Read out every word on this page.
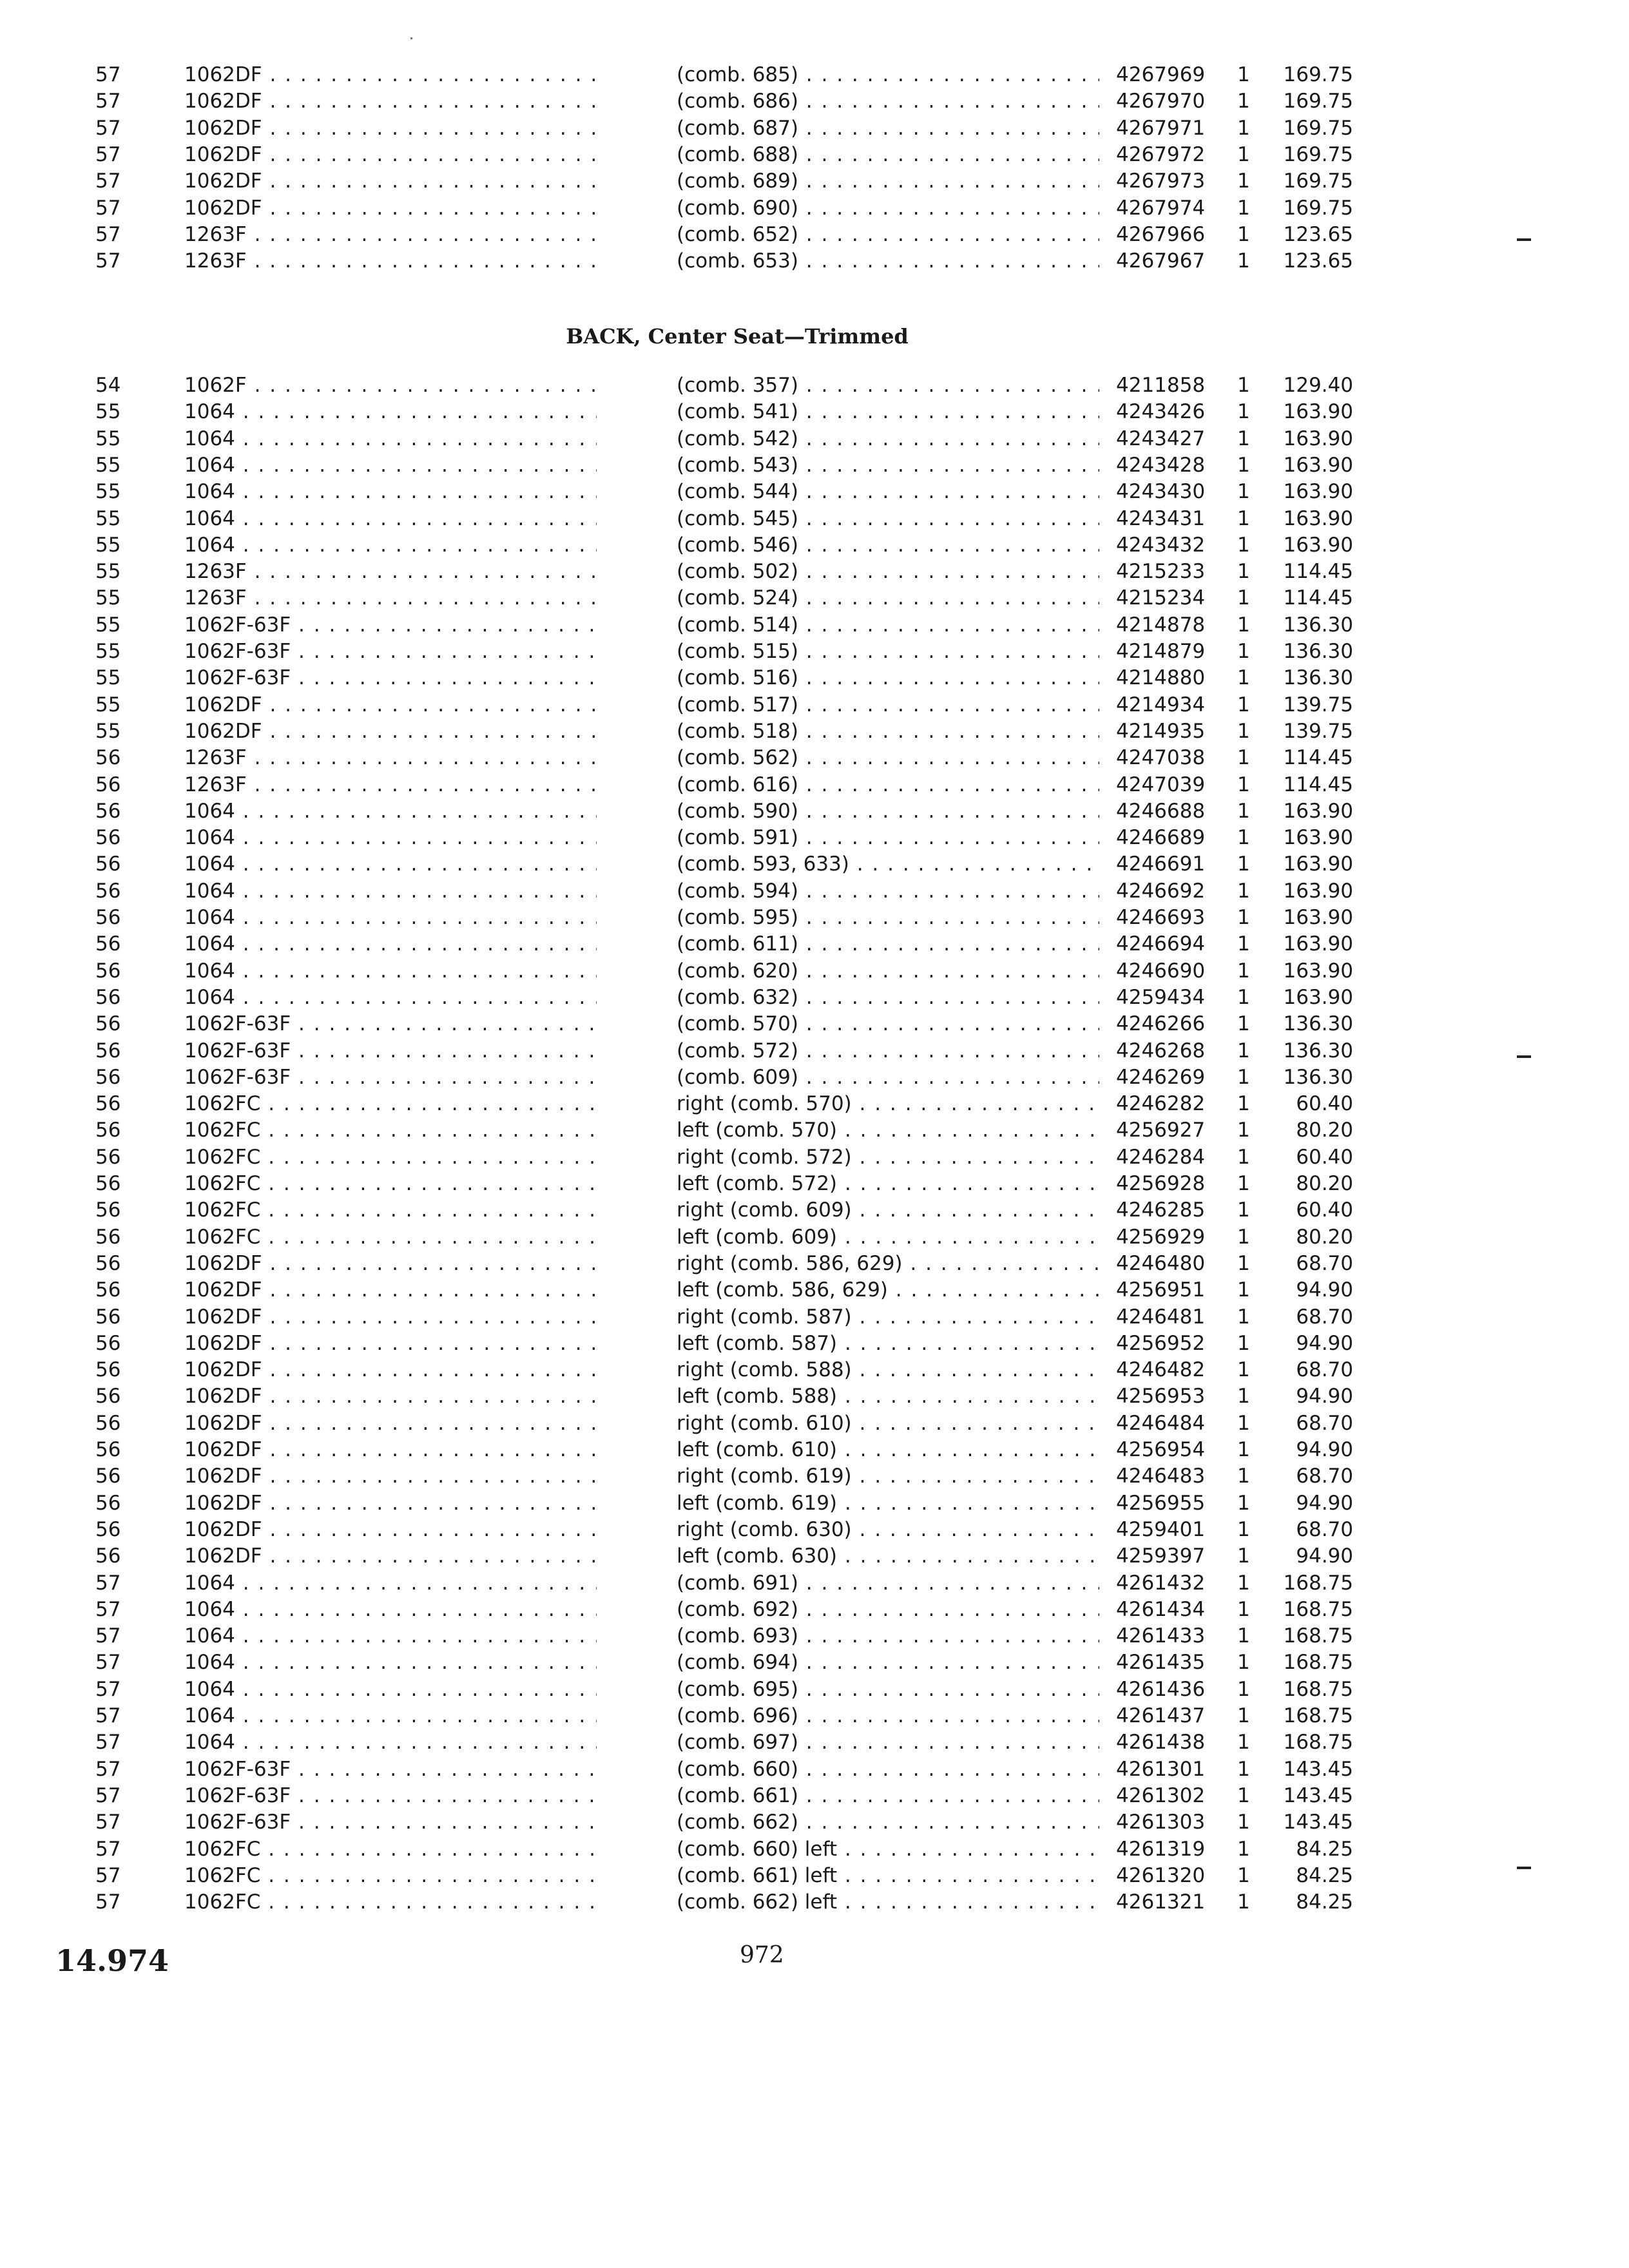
57	1062DF . . .	(comb. 685) . . .	4267969 1	169.75
57	1062DF . . .	(comb. 686) . . .	4267970 1	169.75
57	1062DF . . .	(comb. 687) . . .	4267971 1	169.75
57	1062DF . . .	(comb. 688) . . .	4267972 1	169.75
57	1062DF . . .	(comb. 689) . . .	4267973 1	169.75
57	1062DF . . .	(comb. 690) . . .	4267974 1	169.75
57	1263F . . .	(comb. 652) . . .	4267966 1	123.65
57	1263F . . .	(comb. 653) . . .	4267967 1	123.65
BACK, Center Seat—Trimmed
54	1062F . . .	(comb. 357) . . .	4211858 1	129.40
55	1064 . . .	(comb. 541) . . .	4243426 1	163.90
55	1064 . . .	(comb. 542) . . .	4243427 1	163.90
55	1064 . . .	(comb. 543) . . .	4243428 1	163.90
55	1064 . . .	(comb. 544) . . .	4243430 1	163.90
55	1064 . . .	(comb. 545) . . .	4243431 1	163.90
55	1064 . . .	(comb. 546) . . .	4243432 1	163.90
55	1263F . . .	(comb. 502) . . .	4215233 1	114.45
55	1263F . . .	(comb. 524) . . .	4215234 1	114.45
55	1062F-63F . . .	(comb. 514) . . .	4214878 1	136.30
55	1062F-63F . . .	(comb. 515) . . .	4214879 1	136.30
55	1062F-63F . . .	(comb. 516) . . .	4214880 1	136.30
55	1062DF . . .	(comb. 517) . . .	4214934 1	139.75
55	1062DF . . .	(comb. 518) . . .	4214935 1	139.75
56	1263F . . .	(comb. 562) . . .	4247038 1	114.45
56	1263F . . .	(comb. 616) . . .	4247039 1	114.45
56	1064 . . .	(comb. 590) . . .	4246688 1	163.90
56	1064 . . .	(comb. 591) . . .	4246689 1	163.90
56	1064 . . .	(comb. 593, 633) . . .	4246691 1	163.90
56	1064 . . .	(comb. 594) . . .	4246692 1	163.90
56	1064 . . .	(comb. 595) . . .	4246693 1	163.90
56	1064 . . .	(comb. 611) . . .	4246694 1	163.90
56	1064 . . .	(comb. 620) . . .	4246690 1	163.90
56	1064 . . .	(comb. 632) . . .	4259434 1	163.90
56	1062F-63F . . .	(comb. 570) . . .	4246266 1	136.30
56	1062F-63F . . .	(comb. 572) . . .	4246268 1	136.30
56	1062F-63F . . .	(comb. 609) . . .	4246269 1	136.30
56	1062FC . . .	right (comb. 570) . . .	4246282 1	60.40
56	1062FC . . .	left (comb. 570) . . .	4256927 1	80.20
56	1062FC . . .	right (comb. 572) . . .	4246284 1	60.40
56	1062FC . . .	left (comb. 572) . . .	4256928 1	80.20
56	1062FC . . .	right (comb. 609) . . .	4246285 1	60.40
56	1062FC . . .	left (comb. 609) . . .	4256929 1	80.20
56	1062DF . . .	right (comb. 586, 629) . . .	4246480 1	68.70
56	1062DF . . .	left (comb. 586, 629) . . .	4256951 1	94.90
56	1062DF . . .	right (comb. 587) . . .	4246481 1	68.70
56	1062DF . . .	left (comb. 587) . . .	4256952 1	94.90
56	1062DF . . .	right (comb. 588) . . .	4246482 1	68.70
56	1062DF . . .	left (comb. 588) . . .	4256953 1	94.90
56	1062DF . . .	right (comb. 610) . . .	4246484 1	68.70
56	1062DF . . .	left (comb. 610) . . .	4256954 1	94.90
56	1062DF . . .	right (comb. 619) . . .	4246483 1	68.70
56	1062DF . . .	left (comb. 619) . . .	4256955 1	94.90
56	1062DF . . .	right (comb. 630) . . .	4259401 1	68.70
56	1062DF . . .	left (comb. 630) . . .	4259397 1	94.90
57	1064 . . .	(comb. 691) . . .	4261432 1	168.75
57	1064 . . .	(comb. 692) . . .	4261434 1	168.75
57	1064 . . .	(comb. 693) . . .	4261433 1	168.75
57	1064 . . .	(comb. 694) . . .	4261435 1	168.75
57	1064 . . .	(comb. 695) . . .	4261436 1	168.75
57	1064 . . .	(comb. 696) . . .	4261437 1	168.75
57	1064 . . .	(comb. 697) . . .	4261438 1	168.75
57	1062F-63F . . .	(comb. 660) . . .	4261301 1	143.45
57	1062F-63F . . .	(comb. 661) . . .	4261302 1	143.45
57	1062F-63F . . .	(comb. 662) . . .	4261303 1	143.45
57	1062FC . . .	(comb. 660) left . . .	4261319 1	84.25
57	1062FC . . .	(comb. 661) left . . .	4261320 1	84.25
57	1062FC . . .	(comb. 662) left . . .	4261321 1	84.25
14.974	972
